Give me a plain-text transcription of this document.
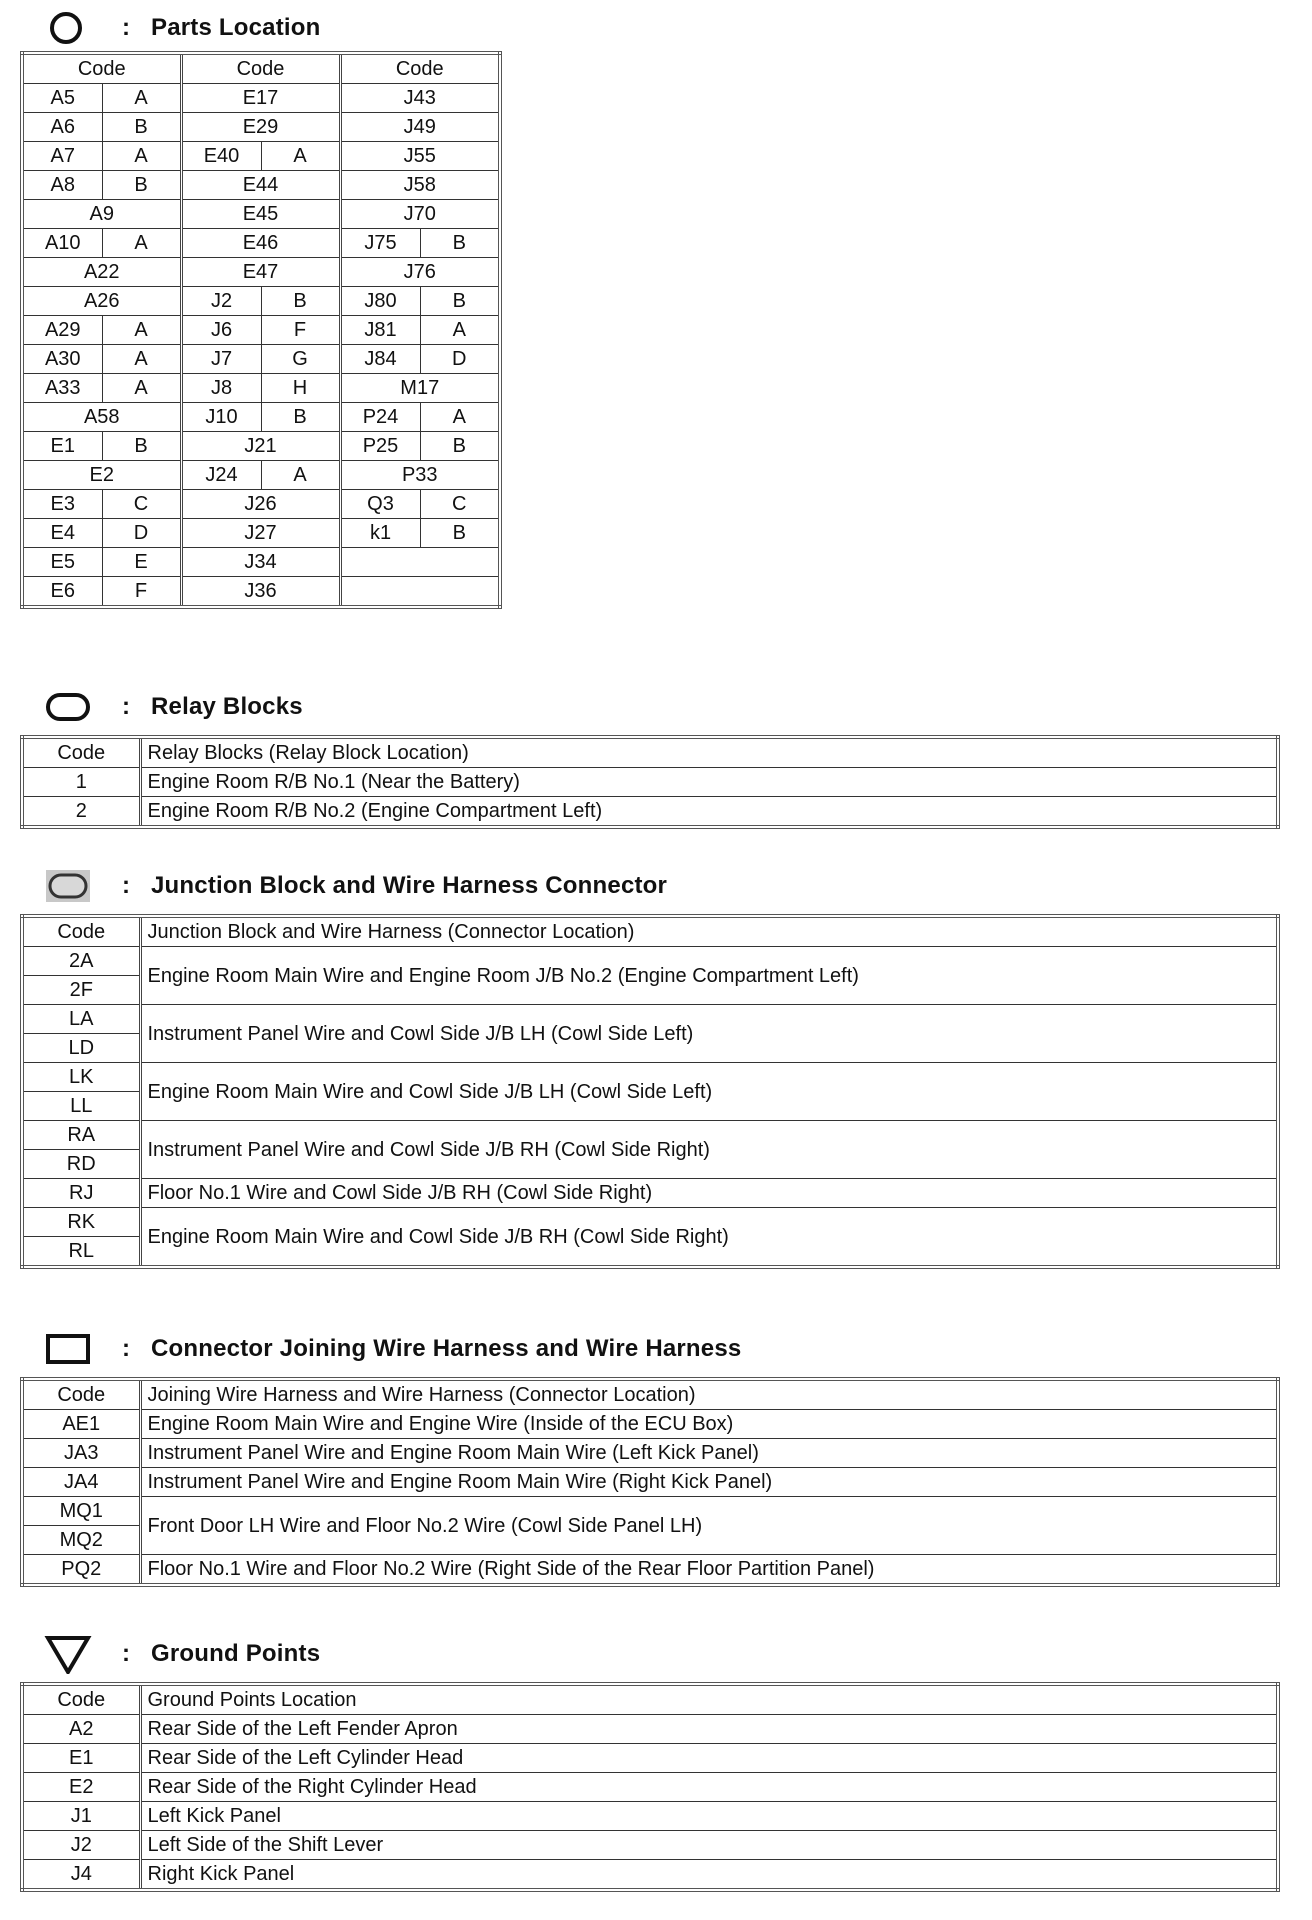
: Parts Location
Code		Code		Code	
A5	A	E17		J43	
A6	B	E29		J49	
A7	A	E40	A	J55	
A8	B	E44		J58	
A9		E45		J70	
A10	A	E46		J75	B
A22		E47		J76	
A26		J2	B	J80	B
A29	A	J6	F	J81	A
A30	A	J7	G	J84	D
A33	A	J8	H	M17	
A58		J10	B	P24	A
E1	B	J21		P25	B
E2		J24	A	P33	
E3	C	J26		Q3	C
E4	D	J27		k1	B
E5	E	J34			
E6	F	J36			
: Relay Blocks
Code	Relay Blocks (Relay Block Location)
1	Engine Room R/B No.1 (Near the Battery)
2	Engine Room R/B No.2 (Engine Compartment Left)
: Junction Block and Wire Harness Connector
Code	Junction Block and Wire Harness (Connector Location)
2A	Engine Room Main Wire and Engine Room J/B No.2 (Engine Compartment Left)
2F	
LA	Instrument Panel Wire and Cowl Side J/B LH (Cowl Side Left)
LD	
LK	Engine Room Main Wire and Cowl Side J/B LH (Cowl Side Left)
LL	
RA	Instrument Panel Wire and Cowl Side J/B RH (Cowl Side Right)
RD	
RJ	Floor No.1 Wire and Cowl Side J/B RH (Cowl Side Right)
RK	Engine Room Main Wire and Cowl Side J/B RH (Cowl Side Right)
RL	
: Connector Joining Wire Harness and Wire Harness
Code	Joining Wire Harness and Wire Harness (Connector Location)
AE1	Engine Room Main Wire and Engine Wire (Inside of the ECU Box)
JA3	Instrument Panel Wire and Engine Room Main Wire (Left Kick Panel)
JA4	Instrument Panel Wire and Engine Room Main Wire (Right Kick Panel)
MQ1	Front Door LH Wire and Floor No.2 Wire (Cowl Side Panel LH)
MQ2	
PQ2	Floor No.1 Wire and Floor No.2 Wire (Right Side of the Rear Floor Partition Panel)
: Ground Points
Code	Ground Points Location
A2	Rear Side of the Left Fender Apron
E1	Rear Side of the Left Cylinder Head
E2	Rear Side of the Right Cylinder Head
J1	Left Kick Panel
J2	Left Side of the Shift Lever
J4	Right Kick Panel
